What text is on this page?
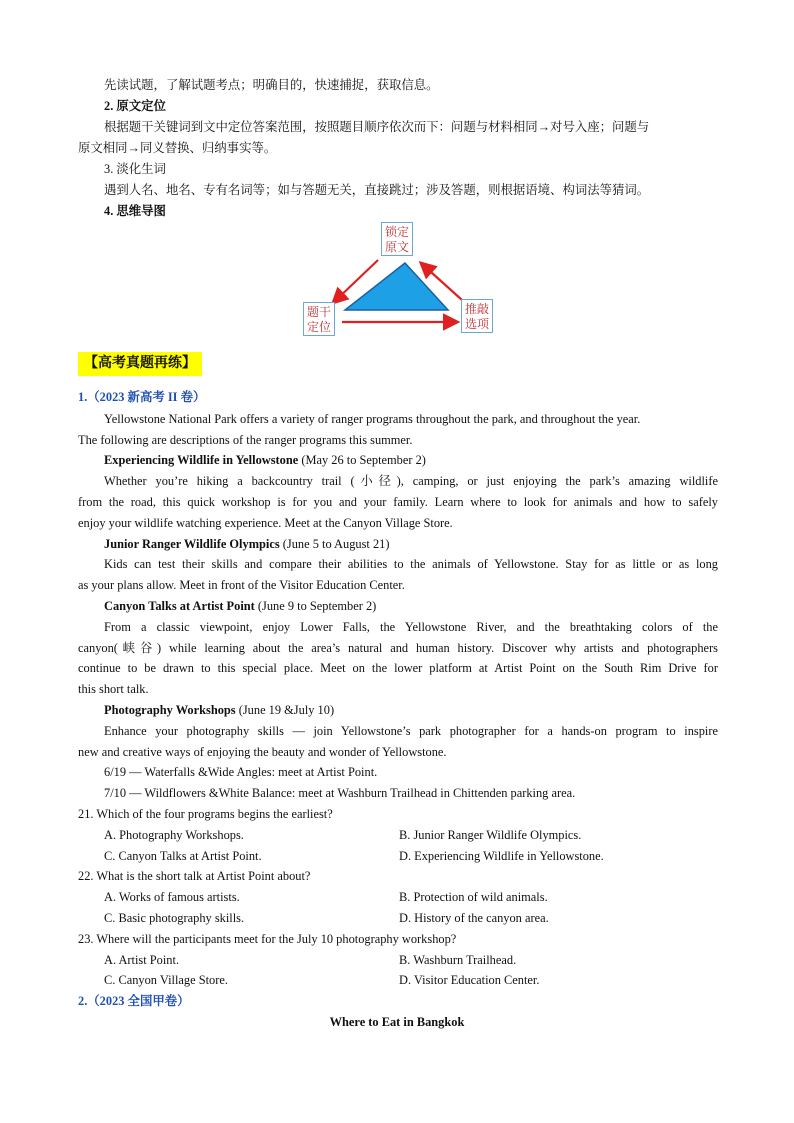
先读试题，了解试题考点；明确目的，快速捕捉，获取信息。
2. 原文定位
根据题干关键词到文中定位答案范围，按照题目顺序依次而下：问题与材料相同→对号入座；问题与
原文相同→同义替换、归纳事实等。
3. 淡化生词
遇到人名、地名、专有名词等；如与答题无关，直接跳过；涉及答题，则根据语境、构词法等猜词。
4. 思维导图
锁定
原文
题干
定位
推敲
选项
【高考真题再练】
1.（2023 新高考 II 卷）
Yellowstone National Park offers a variety of ranger programs throughout the park, and throughout the year.
The following are descriptions of the ranger programs this summer.
Experiencing Wildlife in Yellowstone (May 26 to September 2)
Whether you’re hiking a backcountry trail (小径), camping, or just enjoying the park’s amazing wildlife
from the road, this quick workshop is for you and your family. Learn where to look for animals and how to safely
enjoy your wildlife watching experience. Meet at the Canyon Village Store.
Junior Ranger Wildlife Olympics (June 5 to August 21)
Kids can test their skills and compare their abilities to the animals of Yellowstone. Stay for as little or as long
as your plans allow. Meet in front of the Visitor Education Center.
Canyon Talks at Artist Point (June 9 to September 2)
From a classic viewpoint, enjoy Lower Falls, the Yellowstone River, and the breathtaking colors of the
canyon(峡谷) while learning about the area’s natural and human history. Discover why artists and photographers
continue to be drawn to this special place. Meet on the lower platform at Artist Point on the South Rim Drive for
this short talk.
Photography Workshops (June 19 &July 10)
Enhance your photography skills — join Yellowstone’s park photographer for a hands-on program to inspire
new and creative ways of enjoying the beauty and wonder of Yellowstone.
6/19 — Waterfalls &Wide Angles: meet at Artist Point.
7/10 — Wildflowers &White Balance: meet at Washburn Trailhead in Chittenden parking area.
21. Which of the four programs begins the earliest?
A. Photography Workshops.	B. Junior Ranger Wildlife Olympics.
C. Canyon Talks at Artist Point.	D. Experiencing Wildlife in Yellowstone.
22. What is the short talk at Artist Point about?
A. Works of famous artists.	B. Protection of wild animals.
C. Basic photography skills.	D. History of the canyon area.
23. Where will the participants meet for the July 10 photography workshop?
A. Artist Point.	B. Washburn Trailhead.
C. Canyon Village Store.	D. Visitor Education Center.
2.（2023 全国甲卷）
Where to Eat in Bangkok
